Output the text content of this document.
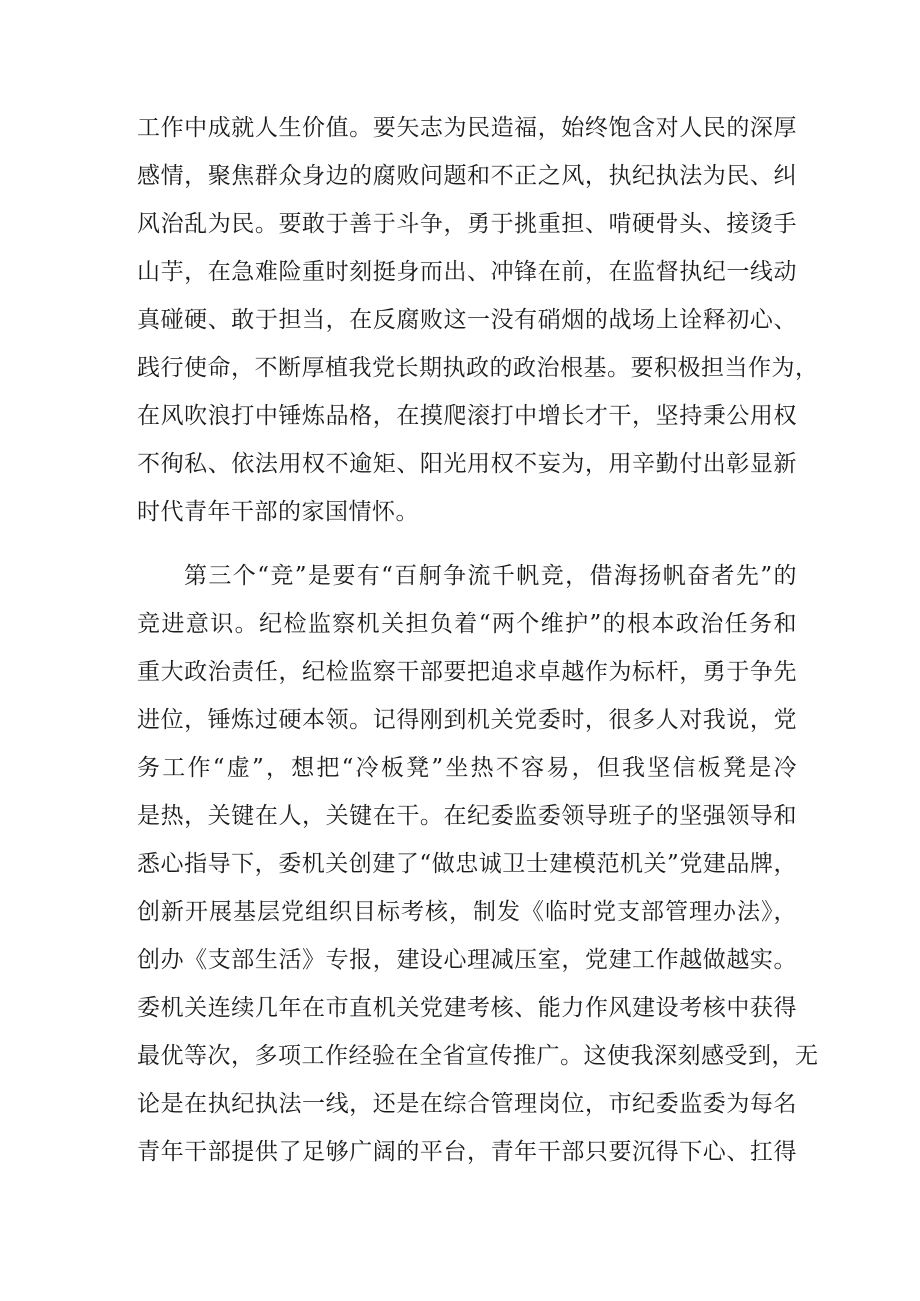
工作中成就人生价值。要矢志为民造福，始终饱含对人民的深厚
感情，聚焦群众身边的腐败问题和不正之风，执纪执法为民、纠
风治乱为民。要敢于善于斗争，勇于挑重担、啃硬骨头、接烫手
山芋，在急难险重时刻挺身而出、冲锋在前，在监督执纪一线动
真碰硬、敢于担当，在反腐败这一没有硝烟的战场上诠释初心、
践行使命，不断厚植我党长期执政的政治根基。要积极担当作为，
在风吹浪打中锤炼品格，在摸爬滚打中增长才干，坚持秉公用权
不徇私、依法用权不逾矩、阳光用权不妄为，用辛勤付出彰显新
时代青年干部的家国情怀。
第三个“竞”是要有“百舸争流千帆竞，借海扬帆奋者先”的
竞进意识。纪检监察机关担负着“两个维护”的根本政治任务和
重大政治责任，纪检监察干部要把追求卓越作为标杆，勇于争先
进位，锤炼过硬本领。记得刚到机关党委时，很多人对我说，党
务工作“虚”，想把“冷板凳”坐热不容易，但我坚信板凳是冷
是热，关键在人，关键在干。在纪委监委领导班子的坚强领导和
悉心指导下，委机关创建了“做忠诚卫士建模范机关”党建品牌，
创新开展基层党组织目标考核，制发《临时党支部管理办法》，
创办《支部生活》专报，建设心理减压室，党建工作越做越实。
委机关连续几年在市直机关党建考核、能力作风建设考核中获得
最优等次，多项工作经验在全省宣传推广。这使我深刻感受到，无
论是在执纪执法一线，还是在综合管理岗位，市纪委监委为每名
青年干部提供了足够广阔的平台，青年干部只要沉得下心、扛得
